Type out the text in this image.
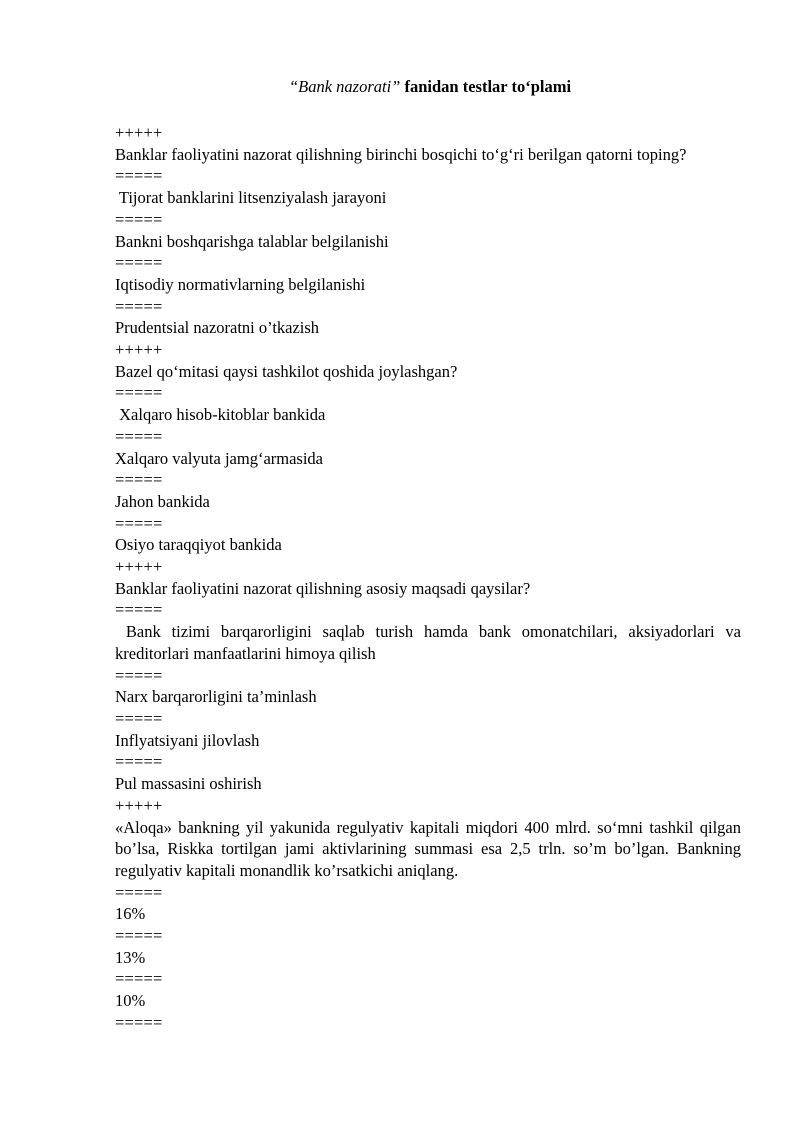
“Bank nazorati” fanidan testlar to‘plami

+++++

Banklar faoliyatini nazorat qilishning birinchi bosqichi to‘g‘ri berilgan qatorni toping?

=====

Tijorat banklarini litsenziyalash jarayoni

=====

Bankni boshqarishga talablar belgilanishi

=====

Iqtisodiy normativlarning belgilanishi

=====

Prudentsial nazoratni o’tkazish

+++++

Bazel qo‘mitasi qaysi tashkilot qoshida joylashgan?

=====

Xalqaro hisob-kitoblar bankida

=====

Xalqaro valyuta jamg‘armasida

=====

Jahon bankida

=====

Osiyo taraqqiyot bankida

+++++

Banklar faoliyatini nazorat qilishning asosiy maqsadi qaysilar?

=====

Bank tizimi barqarorligini saqlab turish hamda bank omonatchilari, aksiyadorlari va kreditorlari manfaatlarini himoya qilish

=====

Narx barqarorligini ta’minlash

=====

Inflyatsiyani jilovlash

=====

Pul massasini oshirish

+++++

«Aloqa» bankning yil yakunida regulyativ kapitali miqdori 400 mlrd. so‘mni tashkil qilgan bo’lsa, Riskka tortilgan jami aktivlarining summasi esa 2,5 trln. so’m bo’lgan. Bankning regulyativ kapitali monandlik ko’rsatkichi aniqlang.

=====

16%

=====

13%

=====

10%

=====
